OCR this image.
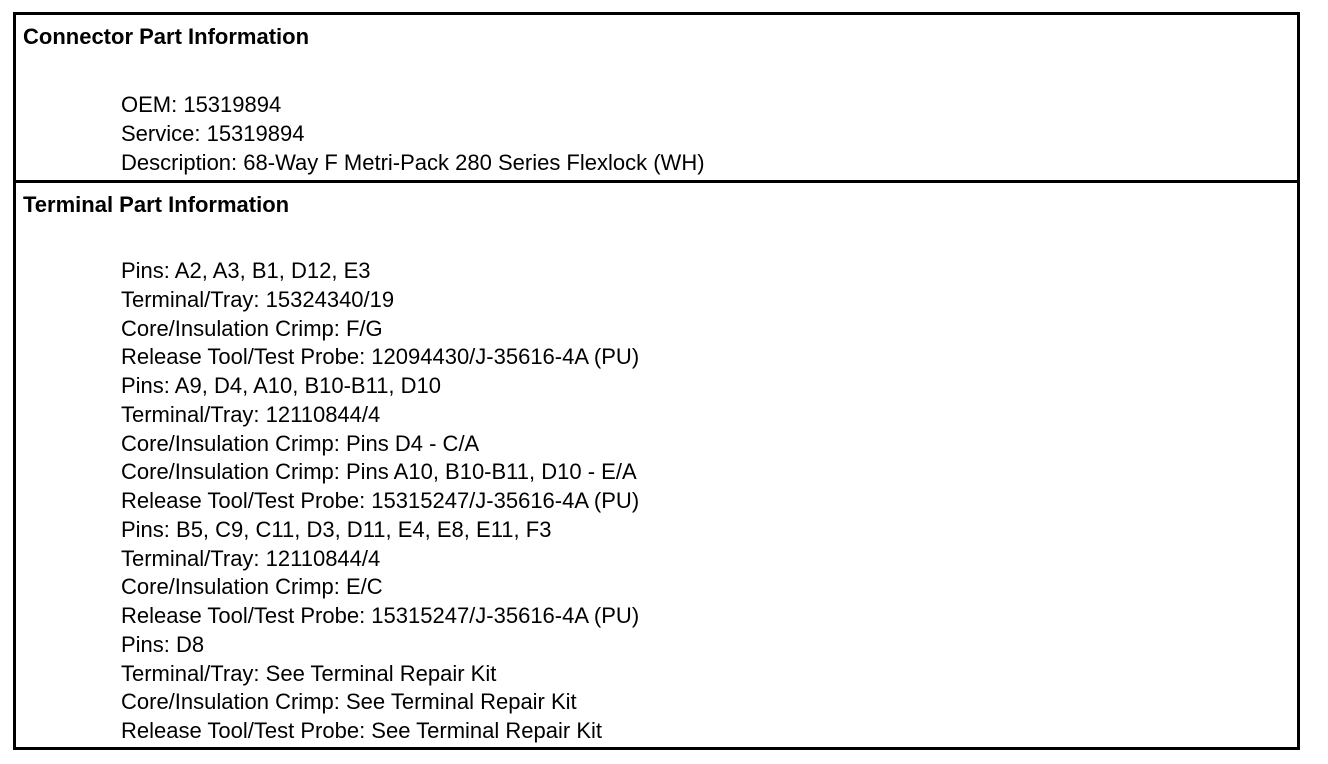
Connector Part Information
OEM: 15319894
Service: 15319894
Description: 68-Way F Metri-Pack 280 Series Flexlock (WH)
Terminal Part Information
Pins: A2, A3, B1, D12, E3
Terminal/Tray: 15324340/19
Core/Insulation Crimp: F/G
Release Tool/Test Probe: 12094430/J-35616-4A (PU)
Pins: A9, D4, A10, B10-B11, D10
Terminal/Tray: 12110844/4
Core/Insulation Crimp: Pins D4 - C/A
Core/Insulation Crimp: Pins A10, B10-B11, D10 - E/A
Release Tool/Test Probe: 15315247/J-35616-4A (PU)
Pins: B5, C9, C11, D3, D11, E4, E8, E11, F3
Terminal/Tray: 12110844/4
Core/Insulation Crimp: E/C
Release Tool/Test Probe: 15315247/J-35616-4A (PU)
Pins: D8
Terminal/Tray: See Terminal Repair Kit
Core/Insulation Crimp: See Terminal Repair Kit
Release Tool/Test Probe: See Terminal Repair Kit
